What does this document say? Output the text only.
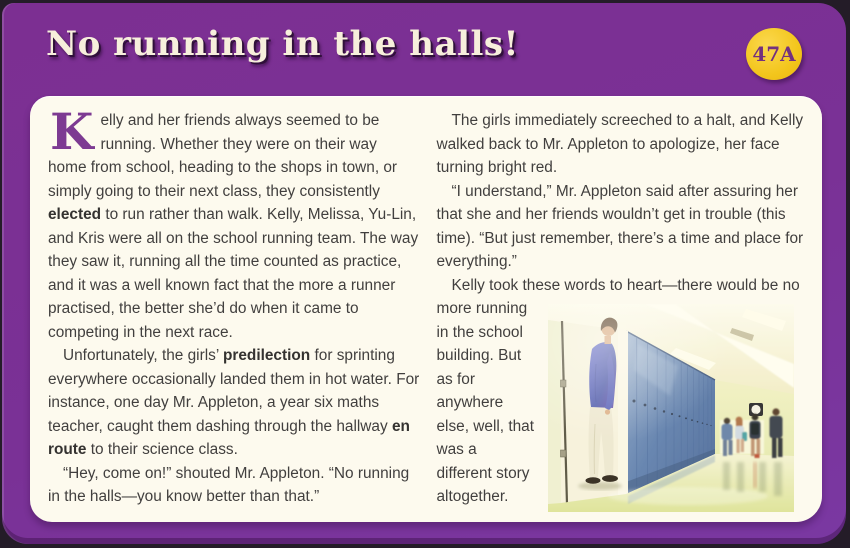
No running in the halls!	47A

Kelly and her friends always seemed to be running. Whether they were on their way home from school, heading to the shops in town, or simply going to their next class, they consistently elected to run rather than walk. Kelly, Melissa, Yu-Lin, and Kris were all on the school running team. The way they saw it, running all the time counted as practice, and it was a well known fact that the more a runner practised, the better she’d do when it came to competing in the next race.

Unfortunately, the girls’ predilection for sprinting everywhere occasionally landed them in hot water. For instance, one day Mr. Appleton, a year six maths teacher, caught them dashing through the hallway en route to their science class.

“Hey, come on!” shouted Mr. Appleton. “No running in the halls—you know better than that.”

The girls immediately screeched to a halt, and Kelly walked back to Mr. Appleton to apologize, her face turning bright red.

“I understand,” Mr. Appleton said after assuring her that she and her friends wouldn’t get in trouble (this time). “But just remember, there’s a time and place for everything.”

Kelly took these words to heart—there would be no

more running in the school building. But as for anywhere else, well, that was a different story altogether.
